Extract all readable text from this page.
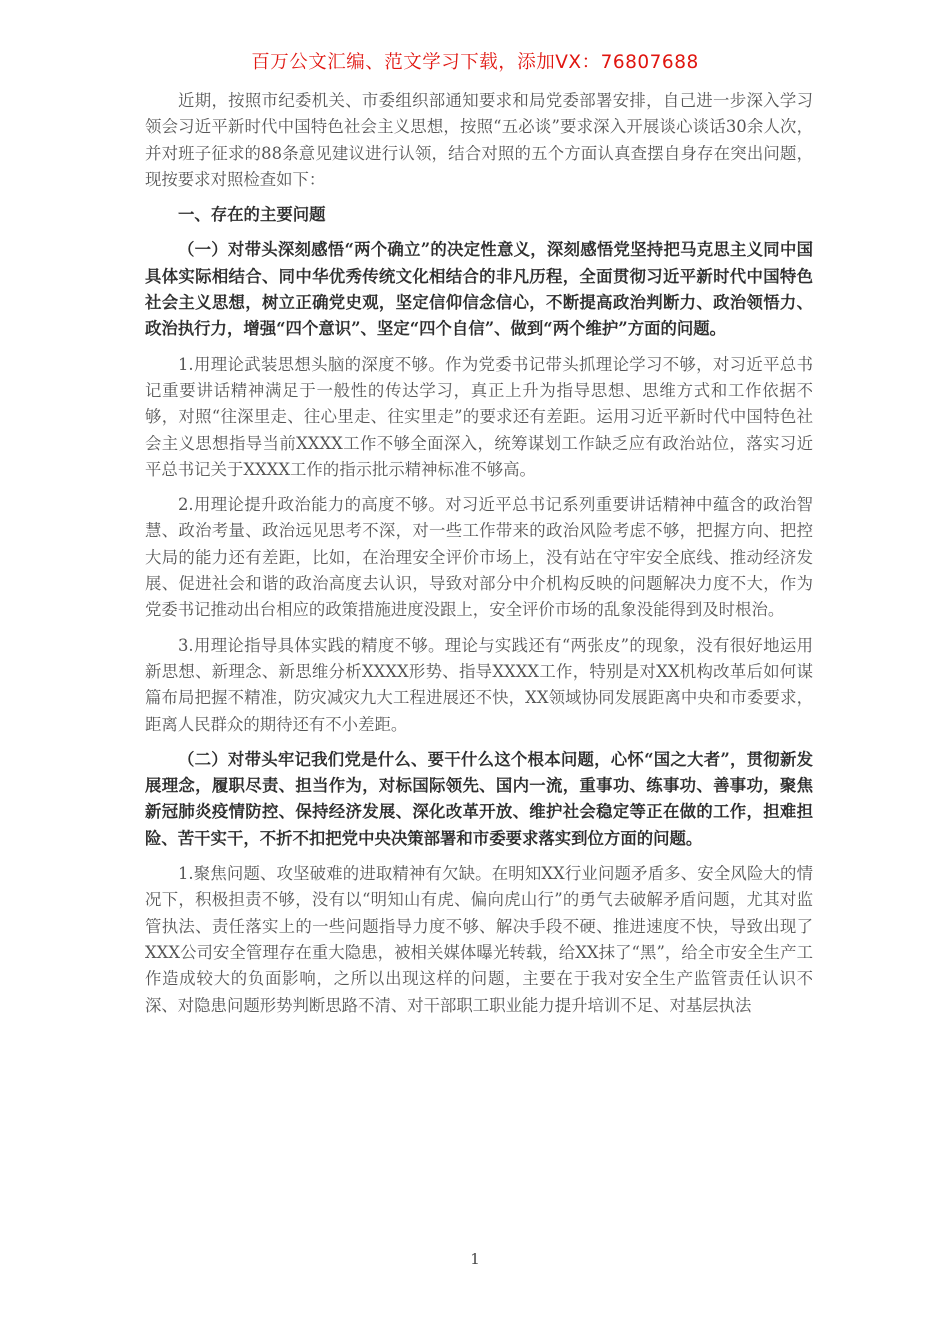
百万公文汇编、范文学习下载，添加VX：76807688

近期，按照市纪委机关、市委组织部通知要求和局党委部署安排，自己进一步深入学习领会习近平新时代中国特色社会主义思想，按照“五必谈”要求深入开展谈心谈话30余人次，并对班子征求的88条意见建议进行认领，结合对照的五个方面认真查摆自身存在突出问题，现按要求对照检查如下：

一、存在的主要问题

（一）对带头深刻感悟“两个确立”的决定性意义，深刻感悟党坚持把马克思主义同中国具体实际相结合、同中华优秀传统文化相结合的非凡历程，全面贯彻习近平新时代中国特色社会主义思想，树立正确党史观，坚定信仰信念信心，不断提高政治判断力、政治领悟力、政治执行力，增强“四个意识”、坚定“四个自信”、做到“两个维护”方面的问题。

1.用理论武装思想头脑的深度不够。作为党委书记带头抓理论学习不够，对习近平总书记重要讲话精神满足于一般性的传达学习，真正上升为指导思想、思维方式和工作依据不够，对照“往深里走、往心里走、往实里走”的要求还有差距。运用习近平新时代中国特色社会主义思想指导当前XXXX工作不够全面深入，统筹谋划工作缺乏应有政治站位，落实习近平总书记关于XXXX工作的指示批示精神标准不够高。

2.用理论提升政治能力的高度不够。对习近平总书记系列重要讲话精神中蕴含的政治智慧、政治考量、政治远见思考不深，对一些工作带来的政治风险考虑不够，把握方向、把控大局的能力还有差距，比如，在治理安全评价市场上，没有站在守牢安全底线、推动经济发展、促进社会和谐的政治高度去认识，导致对部分中介机构反映的问题解决力度不大，作为党委书记推动出台相应的政策措施进度没跟上，安全评价市场的乱象没能得到及时根治。

3.用理论指导具体实践的精度不够。理论与实践还有“两张皮”的现象，没有很好地运用新思想、新理念、新思维分析XXXX形势、指导XXXX工作，特别是对XX机构改革后如何谋篇布局把握不精准，防灾减灾九大工程进展还不快，XX领域协同发展距离中央和市委要求，距离人民群众的期待还有不小差距。

（二）对带头牢记我们党是什么、要干什么这个根本问题，心怀“国之大者”，贯彻新发展理念，履职尽责、担当作为，对标国际领先、国内一流，重事功、练事功、善事功，聚焦新冠肺炎疫情防控、保持经济发展、深化改革开放、维护社会稳定等正在做的工作，担难担险、苦干实干，不折不扣把党中央决策部署和市委要求落实到位方面的问题。

1.聚焦问题、攻坚破难的进取精神有欠缺。在明知XX行业问题矛盾多、安全风险大的情况下，积极担责不够，没有以“明知山有虎、偏向虎山行”的勇气去破解矛盾问题，尤其对监管执法、责任落实上的一些问题指导力度不够、解决手段不硬、推进速度不快，导致出现了XXX公司安全管理存在重大隐患，被相关媒体曝光转载，给XX抹了“黑”，给全市安全生产工作造成较大的负面影响，之所以出现这样的问题，主要在于我对安全生产监管责任认识不深、对隐患问题形势判断思路不清、对干部职工职业能力提升培训不足、对基层执法

1
